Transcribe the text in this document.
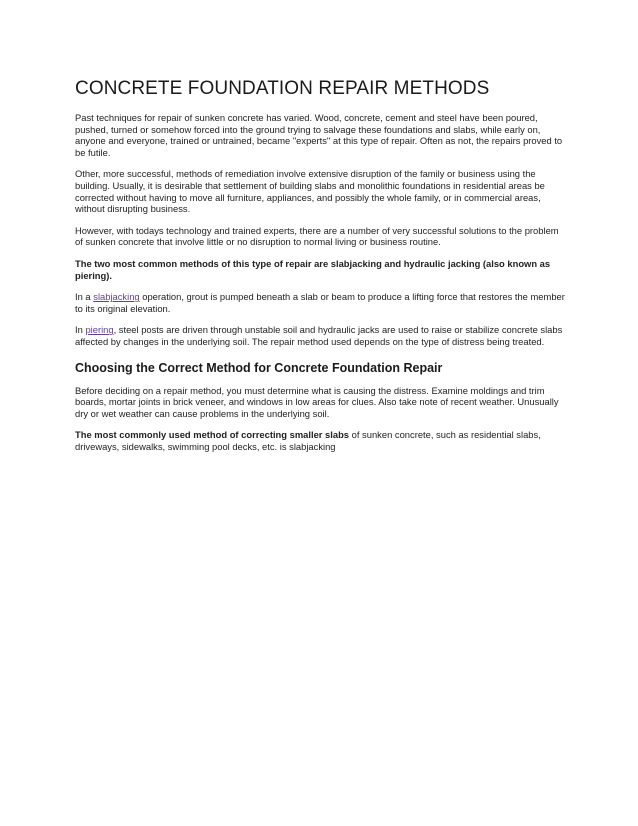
CONCRETE FOUNDATION REPAIR METHODS

Past techniques for repair of sunken concrete has varied. Wood, concrete, cement and steel have been poured, pushed, turned or somehow forced into the ground trying to salvage these foundations and slabs, while early on, anyone and everyone, trained or untrained, became "experts" at this type of repair. Often as not, the repairs proved to be futile.

Other, more successful, methods of remediation involve extensive disruption of the family or business using the building. Usually, it is desirable that settlement of building slabs and monolithic foundations in residential areas be corrected without having to move all furniture, appliances, and possibly the whole family, or in commercial areas, without disrupting business.

However, with todays technology and trained experts, there are a number of very successful solutions to the problem of sunken concrete that involve little or no disruption to normal living or business routine.

The two most common methods of this type of repair are slabjacking and hydraulic jacking (also known as piering).

In a slabjacking operation, grout is pumped beneath a slab or beam to produce a lifting force that restores the member to its original elevation.

In piering, steel posts are driven through unstable soil and hydraulic jacks are used to raise or stabilize concrete slabs affected by changes in the underlying soil. The repair method used depends on the type of distress being treated.

Choosing the Correct Method for Concrete Foundation Repair

Before deciding on a repair method, you must determine what is causing the distress. Examine moldings and trim boards, mortar joints in brick veneer, and windows in low areas for clues. Also take note of recent weather. Unusually dry or wet weather can cause problems in the underlying soil.

The most commonly used method of correcting smaller slabs of sunken concrete, such as residential slabs, driveways, sidewalks, swimming pool decks, etc. is slabjacking
